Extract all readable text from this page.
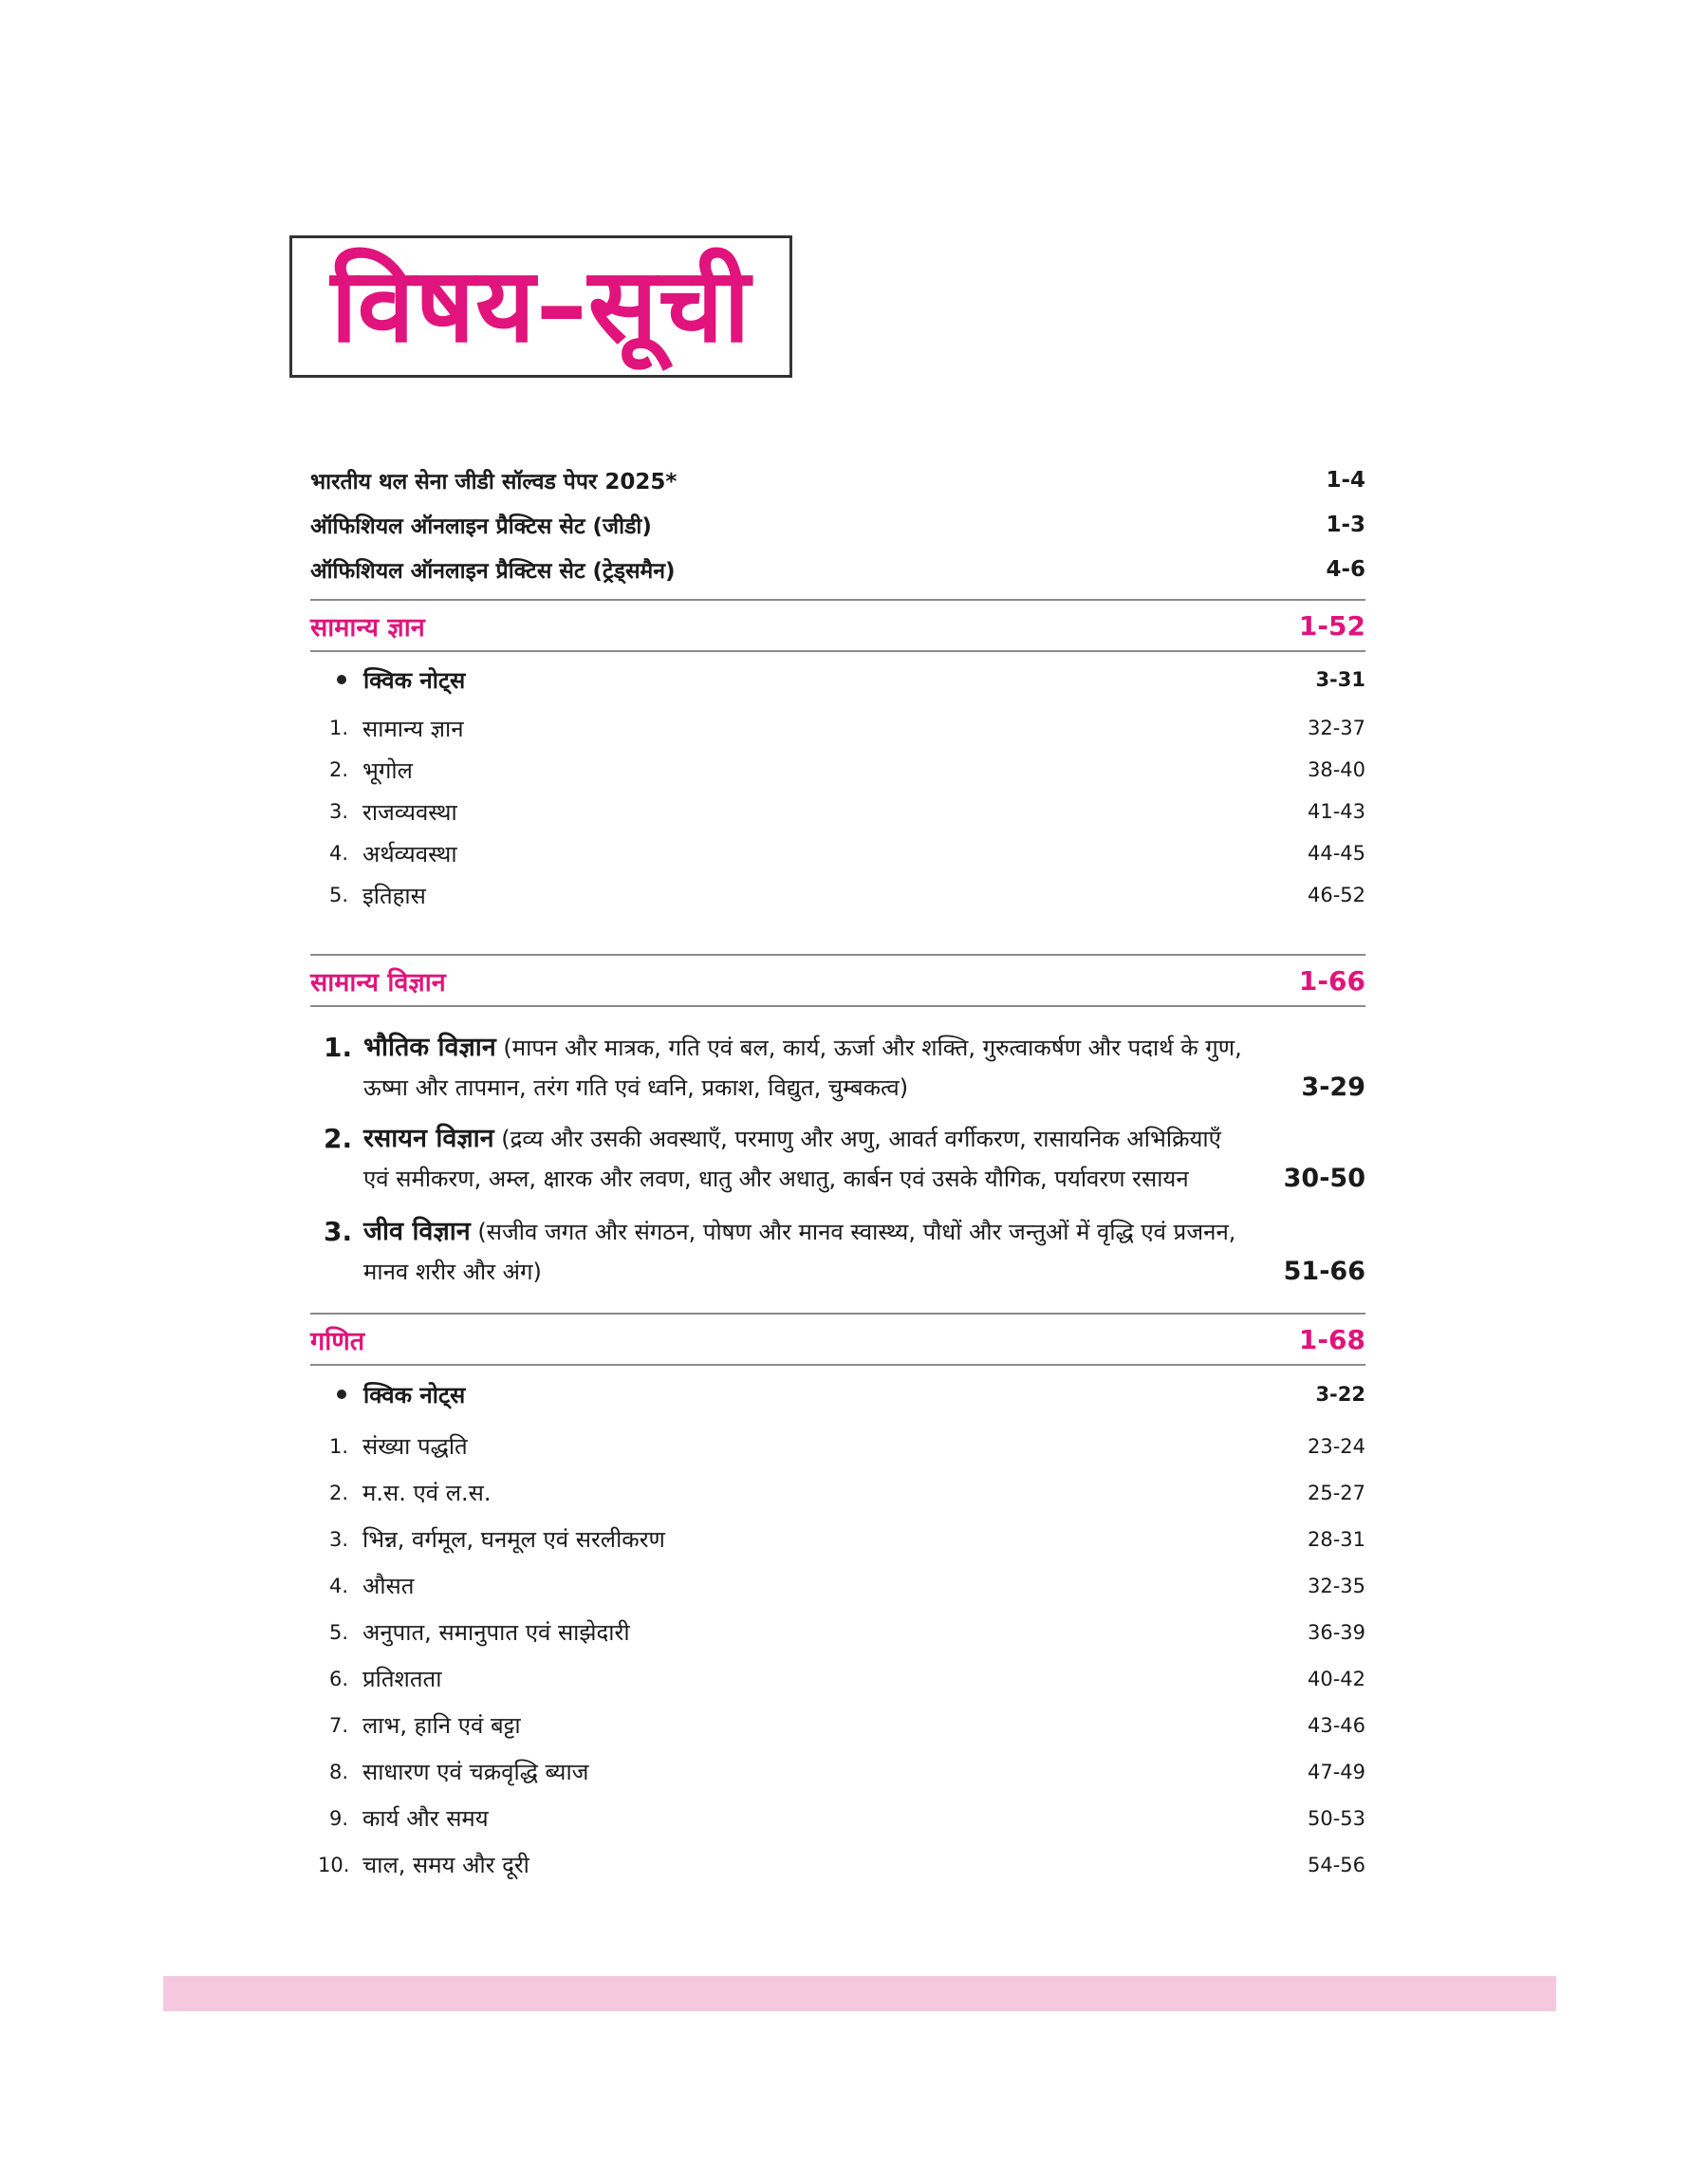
विषय–सूची
भारतीय थल सेना जीडी सॉल्वड पेपर 2025*	1-4
ऑफिशियल ऑनलाइन प्रैक्टिस सेट (जीडी)	1-3
ऑफिशियल ऑनलाइन प्रैक्टिस सेट (ट्रेड्समैन)	4-6
सामान्य ज्ञान	1-52
क्विक नोट्स	3-31
1. सामान्य ज्ञान	32-37
2. भूगोल	38-40
3. राजव्यवस्था	41-43
4. अर्थव्यवस्था	44-45
5. इतिहास	46-52
सामान्य विज्ञान	1-66
1. भौतिक विज्ञान (मापन और मात्रक, गति एवं बल, कार्य, ऊर्जा और शक्ति, गुरुत्वाकर्षण और पदार्थ के गुण, ऊष्मा और तापमान, तरंग गति एवं ध्वनि, प्रकाश, विद्युत, चुम्बकत्व)	3-29
2. रसायन विज्ञान (द्रव्य और उसकी अवस्थाएँ, परमाणु और अणु, आवर्त वर्गीकरण, रासायनिक अभिक्रियाएँ एवं समीकरण, अम्ल, क्षारक और लवण, धातु और अधातु, कार्बन एवं उसके यौगिक, पर्यावरण रसायन	30-50
3. जीव विज्ञान (सजीव जगत और संगठन, पोषण और मानव स्वास्थ्य, पौधों और जन्तुओं में वृद्धि एवं प्रजनन, मानव शरीर और अंग)	51-66
गणित	1-68
क्विक नोट्स	3-22
1. संख्या पद्धति	23-24
2. म.स. एवं ल.स.	25-27
3. भिन्न, वर्गमूल, घनमूल एवं सरलीकरण	28-31
4. औसत	32-35
5. अनुपात, समानुपात एवं साझेदारी	36-39
6. प्रतिशतता	40-42
7. लाभ, हानि एवं बट्टा	43-46
8. साधारण एवं चक्रवृद्धि ब्याज	47-49
9. कार्य और समय	50-53
10. चाल, समय और दूरी	54-56
